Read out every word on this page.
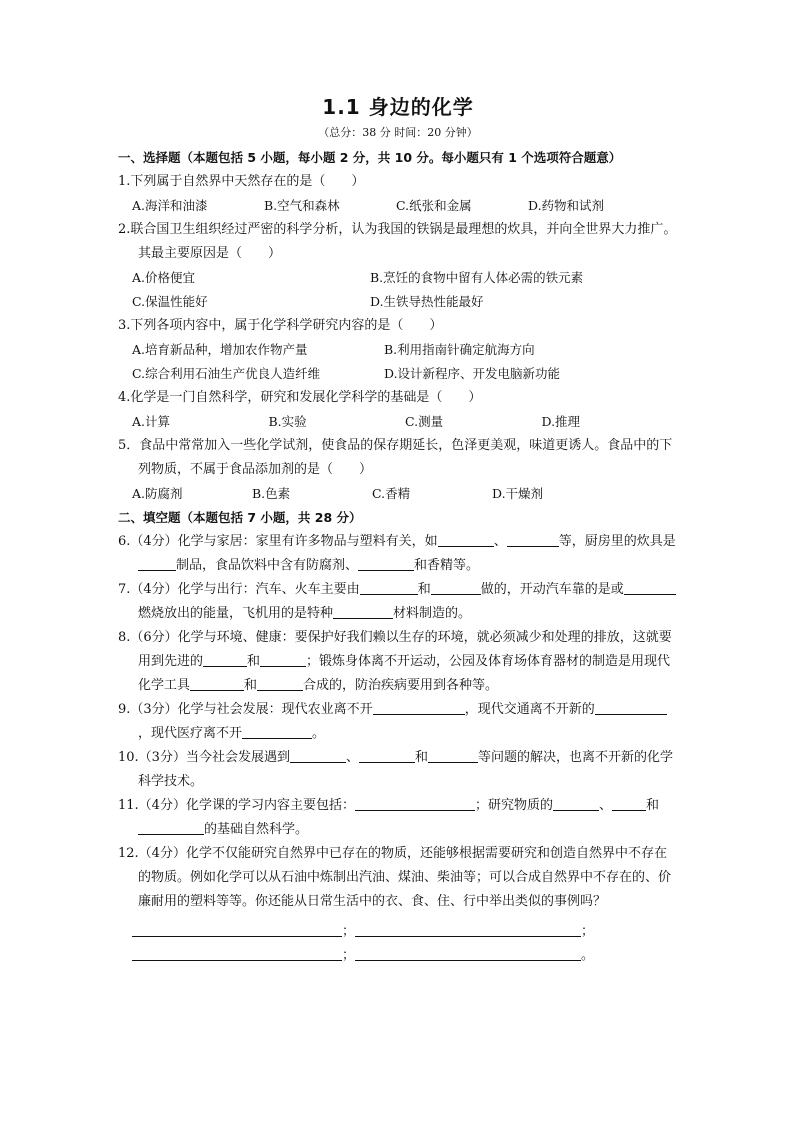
1.1 身边的化学
（总分：38 分 时间：20 分钟）
一、选择题（本题包括 5 小题，每小题 2 分，共 10 分。每小题只有 1 个选项符合题意）
1.下列属于自然界中天然存在的是（　　）
A.海洋和油漆	B.空气和森林	C.纸张和金属	D.药物和试剂
2.联合国卫生组织经过严密的科学分析，认为我国的铁锅是最理想的炊具，并向全世界大力推广。其最主要原因是（　　）
A.价格便宜	B.烹饪的食物中留有人体必需的铁元素
C.保温性能好	D.生铁导热性能最好
3.下列各项内容中，属于化学科学研究内容的是（　　）
A.培育新品种，增加农作物产量	B.利用指南针确定航海方向
C.综合利用石油生产优良人造纤维	D.设计新程序、开发电脑新功能
4.化学是一门自然科学，研究和发展化学科学的基础是（　　）
A.计算	B.实验	C.测量	D.推理
5．食品中常常加入一些化学试剂，使食品的保存期延长，色泽更美观，味道更诱人。食品中的下列物质，不属于食品添加剂的是（　　）
A.防腐剂	B.色素	C.香精	D.干燥剂
二、填空题（本题包括 7 小题，共 28 分）
6.（4分）化学与家居：家里有许多物品与塑料有关，如	、	等，厨房里的炊具是制品，食品饮料中含有防腐剂、	和香精等。
7.（4分）化学与出行：汽车、火车主要由	和	做的，开动汽车靠的是或燃烧放出的能量，飞机用的是特种	材料制造的。
8.（6分）化学与环境、健康：要保护好我们赖以生存的环境，就必须减少和处理的排放，这就要用到先进的	和	；锻炼身体离不开运动，公园及体育场体育器材的制造是用现代化学工具	和	合成的，防治疾病要用到各种等。
9.（3分）化学与社会发展：现代农业离不开	，现代交通离不开新的，现代医疗离不开	。
10.（3分）当今社会发展遇到	、	和	等问题的解决，也离不开新的化学科学技术。
11.（4分）化学课的学习内容主要包括：	；研究物质的	、	和的基础自然科学。
12.（4分）化学不仅能研究自然界中已存在的物质，还能够根据需要研究和创造自然界中不存在的物质。例如化学可以从石油中炼制出汽油、煤油、柴油等；可以合成自然界中不存在的、价廉耐用的塑料等等。你还能从日常生活中的衣、食、住、行中举出类似的事例吗？
；	；
；	。
